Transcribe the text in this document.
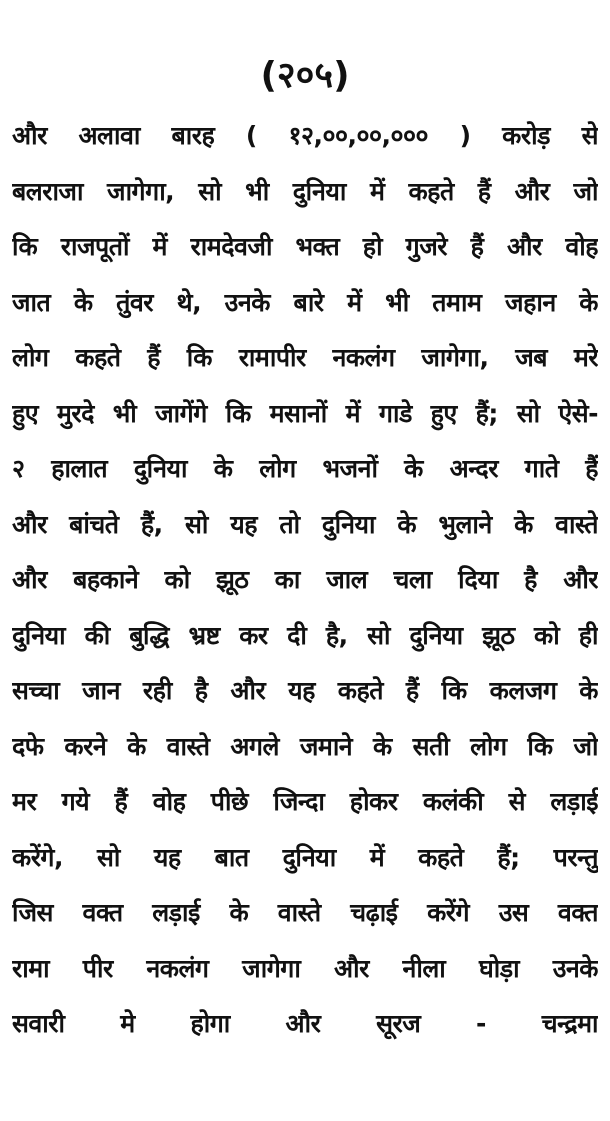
(२०५)
और अलावा बारह ( १२,००,००,००० ) करोड़ से
बलराजा जागेगा, सो भी दुनिया में कहते हैं और जो
कि राजपूतों में रामदेवजी भक्त हो गुजरे हैं और वोह
जात के तुंवर थे, उनके बारे में भी तमाम जहान के
लोग कहते हैं कि रामापीर नकलंग जागेगा, जब मरे
हुए मुरदे भी जागेंगे कि मसानों में गाडे हुए हैं; सो ऐसे-
२ हालात दुनिया के लोग भजनों के अन्दर गाते हैं
और बांचते हैं, सो यह तो दुनिया के भुलाने के वास्ते
और बहकाने को झूठ का जाल चला दिया है और
दुनिया की बुद्धि भ्रष्ट कर दी है, सो दुनिया झूठ को ही
सच्चा जान रही है और यह कहते हैं कि कलजग के
दफे करने के वास्ते अगले जमाने के सती लोग कि जो
मर गये हैं वोह पीछे जिन्दा होकर कलंकी से लड़ाई
करेंगे, सो यह बात दुनिया में कहते हैं; परन्तु
जिस वक्त लड़ाई के वास्ते चढ़ाई करेंगे उस वक्त
रामा पीर नकलंग जागेगा और नीला घोड़ा उनके
सवारी मे होगा और सूरज - चन्द्रमा
